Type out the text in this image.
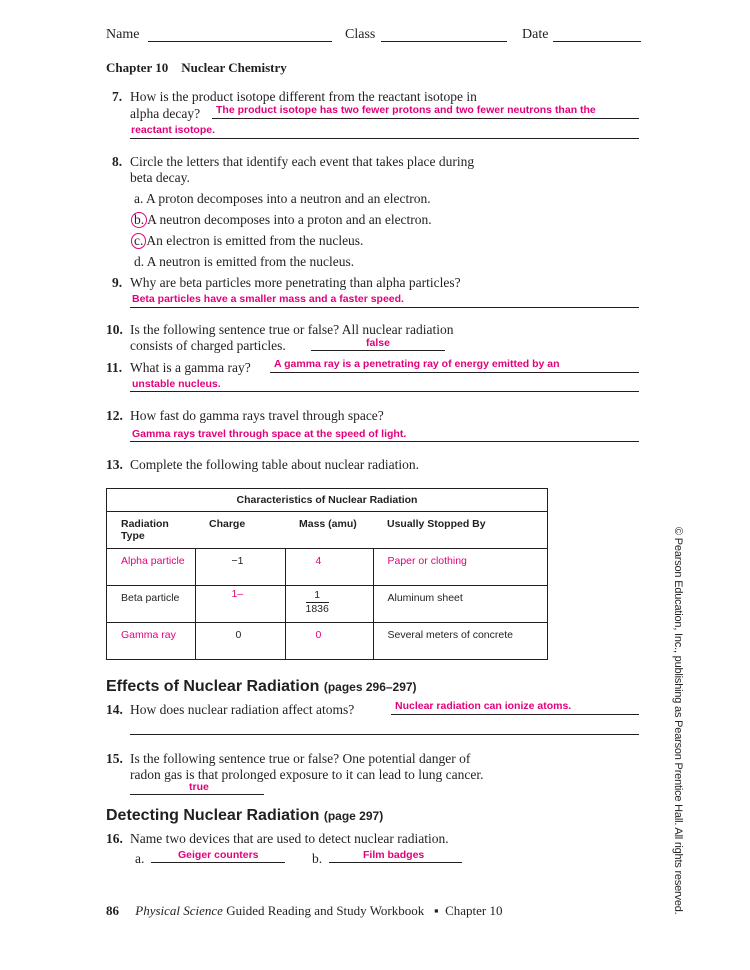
Name	Class	Date
Chapter 10 Nuclear Chemistry
7. How is the product isotope different from the reactant isotope in
alpha decay? The product isotope has two fewer protons and two fewer neutrons than the
reactant isotope.
8. Circle the letters that identify each event that takes place during
beta decay.
a. A proton decomposes into a neutron and an electron.
b. A neutron decomposes into a proton and an electron.
c. An electron is emitted from the nucleus.
d. A neutron is emitted from the nucleus.
9. Why are beta particles more penetrating than alpha particles?
Beta particles have a smaller mass and a faster speed.
10. Is the following sentence true or false? All nuclear radiation
consists of charged particles.	false
11. What is a gamma ray? A gamma ray is a penetrating ray of energy emitted by an
unstable nucleus.
12. How fast do gamma rays travel through space?
Gamma rays travel through space at the speed of light.
13. Complete the following table about nuclear radiation.
Characteristics of Nuclear Radiation			
Radiation Type	Charge	Mass (amu)	Usually Stopped By
Alpha particle	−1	4	Paper or clothing
Beta particle	1–	$\frac{1}{1836}$	Aluminum sheet
Gamma ray	0	0	Several meters of concrete
Effects of Nuclear Radiation (pages 296–297)
14. How does nuclear radiation affect atoms?	Nuclear radiation can ionize atoms.
15. Is the following sentence true or false? One potential danger of
radon gas is that prolonged exposure to it can lead to lung cancer.
true
Detecting Nuclear Radiation (page 297)
16. Name two devices that are used to detect nuclear radiation.
a.	Geiger counters	b.	Film badges
86 Physical Science Guided Reading and Study Workbook ▪ Chapter 10	© Pearson Education, Inc., publishing as Pearson Prentice Hall. All rights reserved.
